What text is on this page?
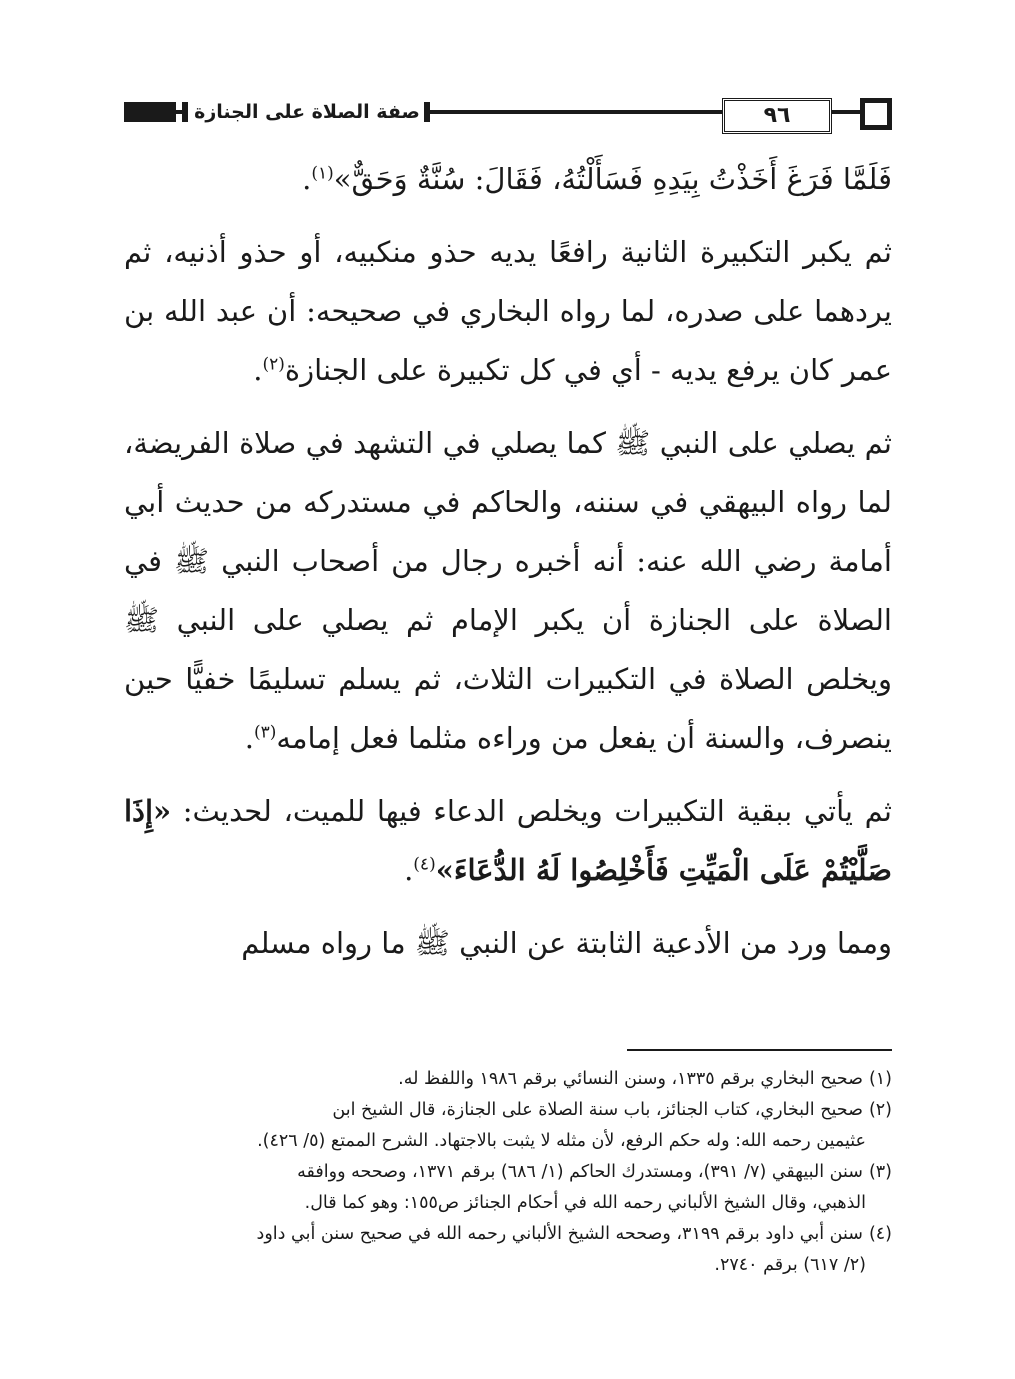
صفة الصلاة على الجنازة	٩٦

فَلَمَّا فَرَغَ أَخَذْتُ بِيَدِهِ فَسَأَلْتُهُ، فَقَالَ: سُنَّةٌ وَحَقٌّ»$^{(١)}$.

ثم يكبر التكبيرة الثانية رافعًا يديه حذو منكبيه، أو حذو أذنيه، ثم يردهما على صدره، لما رواه البخاري في صحيحه: أن عبد الله بن عمر كان يرفع يديه - أي في كل تكبيرة على الجنازة$^{(٢)}$.

ثم يصلي على النبي ﷺ كما يصلي في التشهد في صلاة الفريضة، لما رواه البيهقي في سننه، والحاكم في مستدركه من حديث أبي أمامة رضي الله عنه: أنه أخبره رجال من أصحاب النبي ﷺ في الصلاة على الجنازة أن يكبر الإمام ثم يصلي على النبي ﷺ ويخلص الصلاة في التكبيرات الثلاث، ثم يسلم تسليمًا خفيًّا حين ينصرف، والسنة أن يفعل من وراءه مثلما فعل إمامه$^{(٣)}$.

ثم يأتي ببقية التكبيرات ويخلص الدعاء فيها للميت، لحديث: «إِذَا صَلَّيْتُمْ عَلَى الْمَيِّتِ فَأَخْلِصُوا لَهُ الدُّعَاءَ»$^{(٤)}$.

ومما ورد من الأدعية الثابتة عن النبي ﷺ ما رواه مسلم

(١)صحيح البخاري برقم ١٣٣٥، وسنن النسائي برقم ١٩٨٦ واللفظ له.

(٢)صحيح البخاري، كتاب الجنائز، باب سنة الصلاة على الجنازة، قال الشيخ ابن

عثيمين رحمه الله: وله حكم الرفع، لأن مثله لا يثبت بالاجتهاد. الشرح الممتع (٥/ ٤٢٦).

(٣)سنن البيهقي (٧/ ٣٩١)، ومستدرك الحاكم (١/ ٦٨٦) برقم ١٣٧١، وصححه ووافقه

الذهبي، وقال الشيخ الألباني رحمه الله في أحكام الجنائز ص١٥٥: وهو كما قال.

(٤)سنن أبي داود برقم ٣١٩٩، وصححه الشيخ الألباني رحمه الله في صحيح سنن أبي داود

(٢/ ٦١٧) برقم ٢٧٤٠.
